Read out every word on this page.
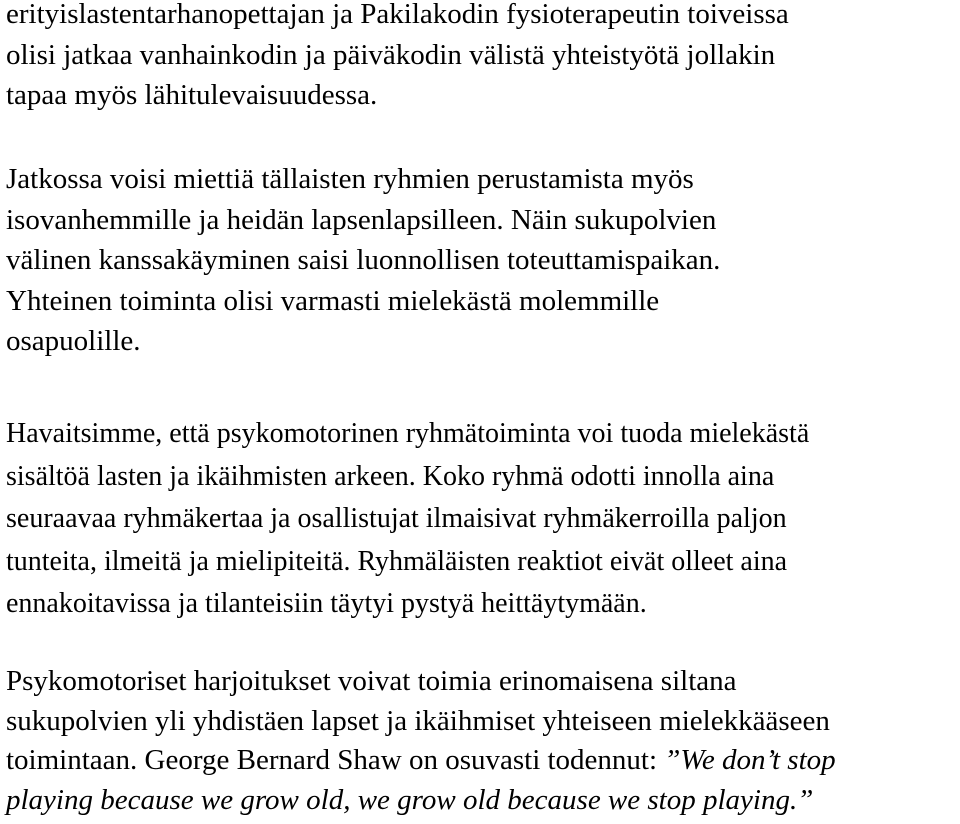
erityislastentarhanopettajan ja Pakilakodin fysioterapeutin toiveissa
olisi jatkaa vanhainkodin ja päiväkodin välistä yhteistyötä jollakin
tapaa myös lähitulevaisuudessa.

Jatkossa voisi miettiä tällaisten ryhmien perustamista myös
isovanhemmille ja heidän lapsenlapsilleen. Näin sukupolvien
välinen kanssakäyminen saisi luonnollisen toteuttamispaikan.
Yhteinen toiminta olisi varmasti mielekästä molemmille
osapuolille.

Havaitsimme, että psykomotorinen ryhmätoiminta voi tuoda mielekästä
sisältöä lasten ja ikäihmisten arkeen. Koko ryhmä odotti innolla aina
seuraavaa ryhmäkertaa ja osallistujat ilmaisivat ryhmäkerroilla paljon
tunteita, ilmeitä ja mielipiteitä. Ryhmäläisten reaktiot eivät olleet aina
ennakoitavissa ja tilanteisiin täytyi pystyä heittäytymään.

Psykomotoriset harjoitukset voivat toimia erinomaisena siltana
sukupolvien yli yhdistäen lapset ja ikäihmiset yhteiseen mielekkääseen
toimintaan. George Bernard Shaw on osuvasti todennut: ”We don’t stop
playing because we grow old, we grow old because we stop playing.”
